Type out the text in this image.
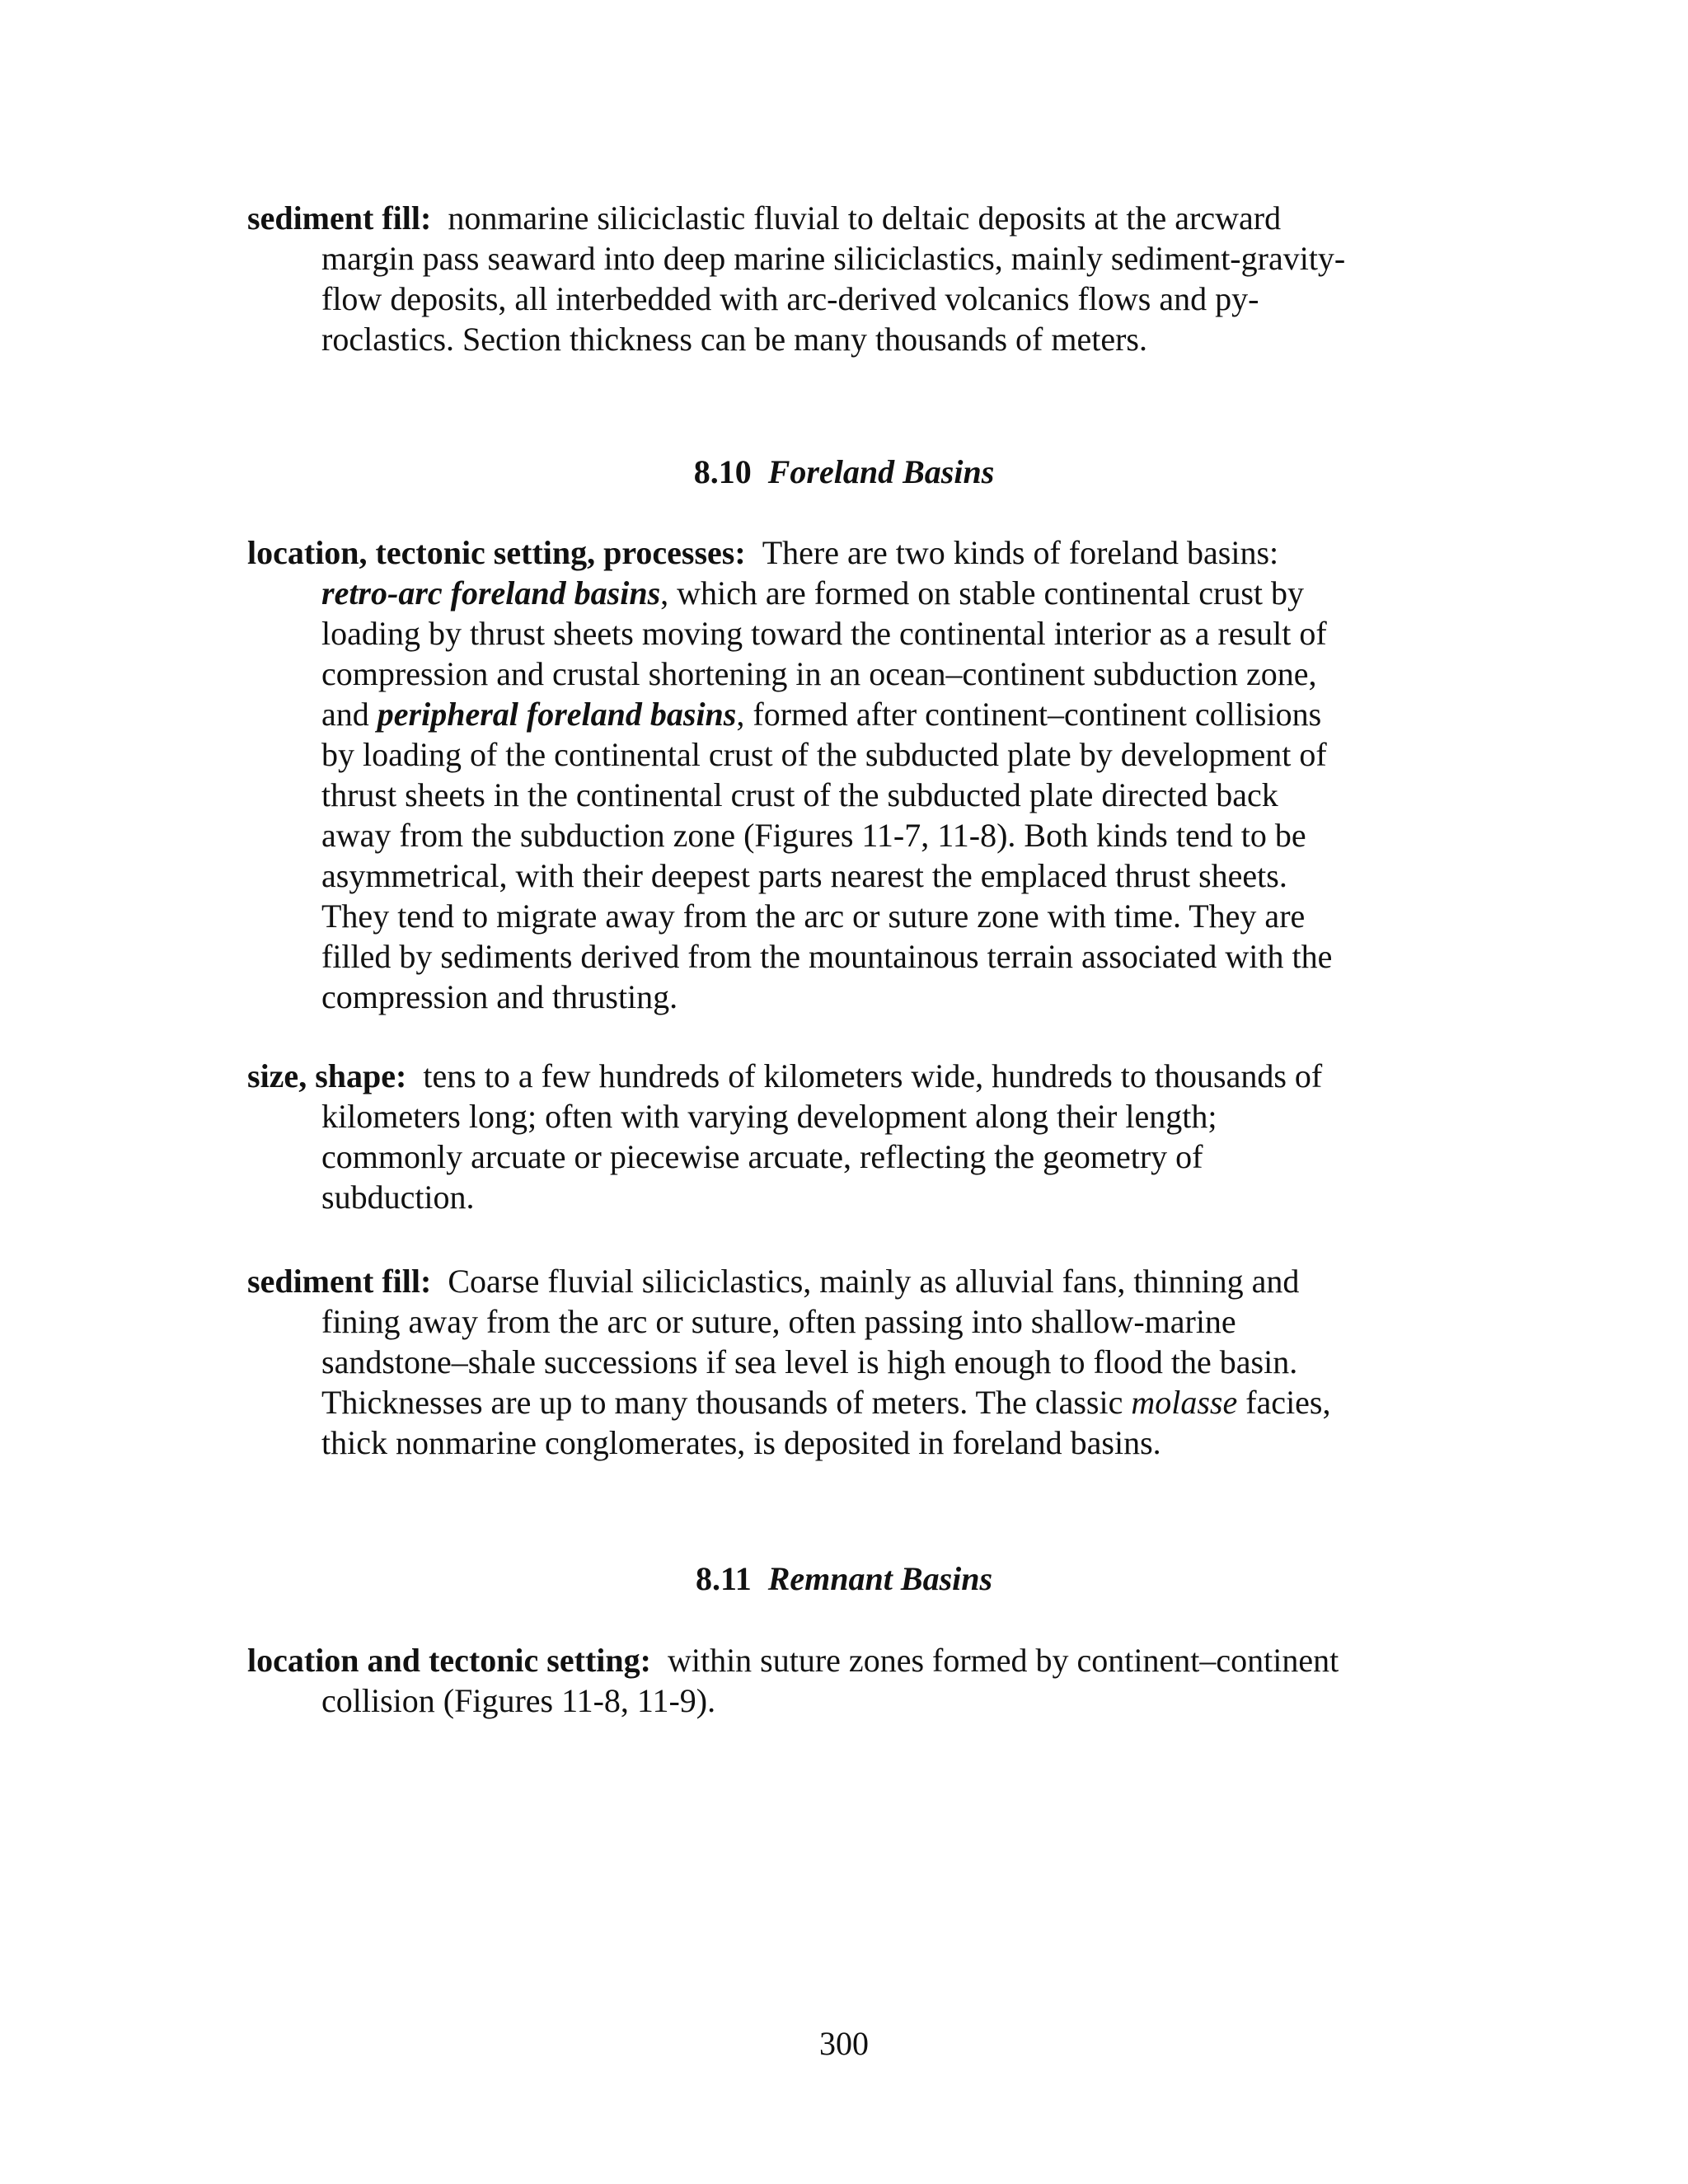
sediment fill: nonmarine siliciclastic fluvial to deltaic deposits at the arcward
margin pass seaward into deep marine siliciclastics, mainly sediment-gravity-
flow deposits, all interbedded with arc-derived volcanics flows and py-
roclastics. Section thickness can be many thousands of meters.
8.10 Foreland Basins
location, tectonic setting, processes: There are two kinds of foreland basins:
retro-arc foreland basins, which are formed on stable continental crust by
loading by thrust sheets moving toward the continental interior as a result of
compression and crustal shortening in an ocean–continent subduction zone,
and peripheral foreland basins, formed after continent–continent collisions
by loading of the continental crust of the subducted plate by development of
thrust sheets in the continental crust of the subducted plate directed back
away from the subduction zone (Figures 11-7, 11-8). Both kinds tend to be
asymmetrical, with their deepest parts nearest the emplaced thrust sheets.
They tend to migrate away from the arc or suture zone with time. They are
filled by sediments derived from the mountainous terrain associated with the
compression and thrusting.
size, shape: tens to a few hundreds of kilometers wide, hundreds to thousands of
kilometers long; often with varying development along their length;
commonly arcuate or piecewise arcuate, reflecting the geometry of
subduction.
sediment fill: Coarse fluvial siliciclastics, mainly as alluvial fans, thinning and
fining away from the arc or suture, often passing into shallow-marine
sandstone–shale successions if sea level is high enough to flood the basin.
Thicknesses are up to many thousands of meters. The classic molasse facies,
thick nonmarine conglomerates, is deposited in foreland basins.
8.11 Remnant Basins
location and tectonic setting: within suture zones formed by continent–continent
collision (Figures 11-8, 11-9).
300
